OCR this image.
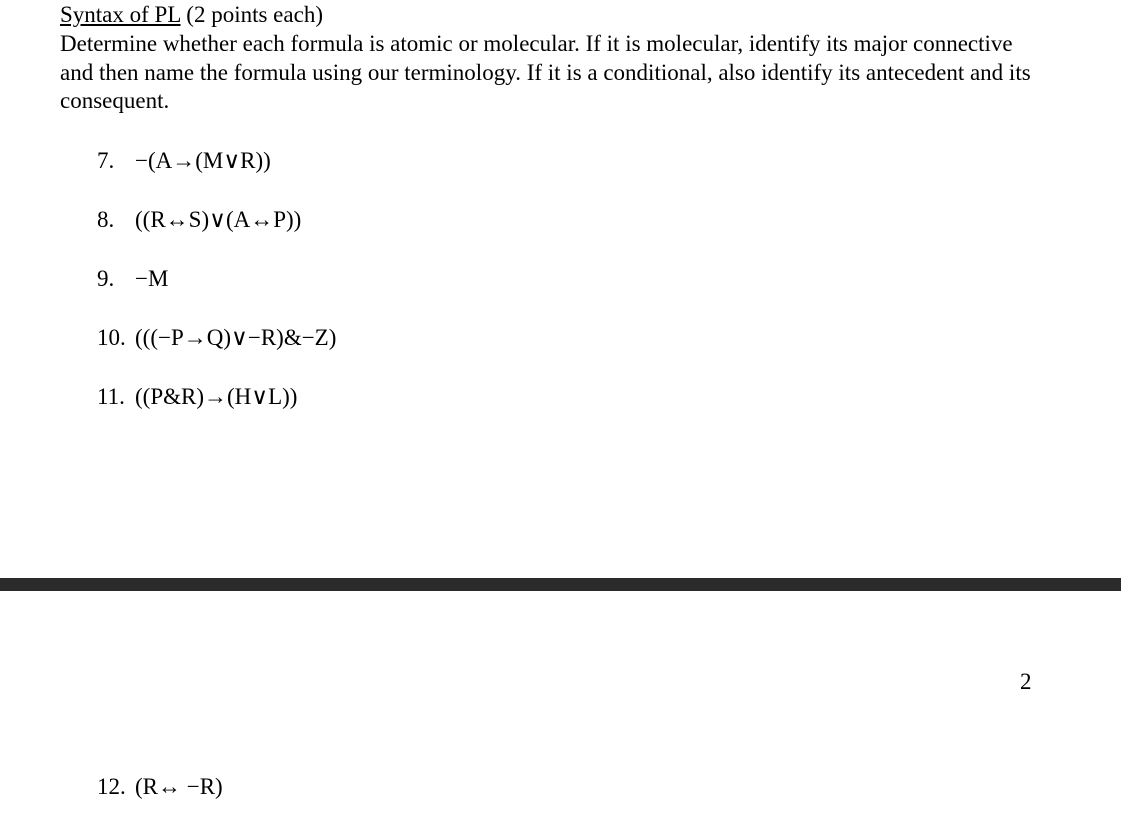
Syntax of PL (2 points each)
Determine whether each formula is atomic or molecular. If it is molecular, identify its major connective and then name the formula using our terminology. If it is a conditional, also identify its antecedent and its consequent.
7. −(A→(M∨R))
8. ((R↔S)∨(A↔P))
9. −M
10. (((−P→Q)∨−R)&−Z)
11. ((P&R)→(H∨L))
2
12. (R↔ −R)
